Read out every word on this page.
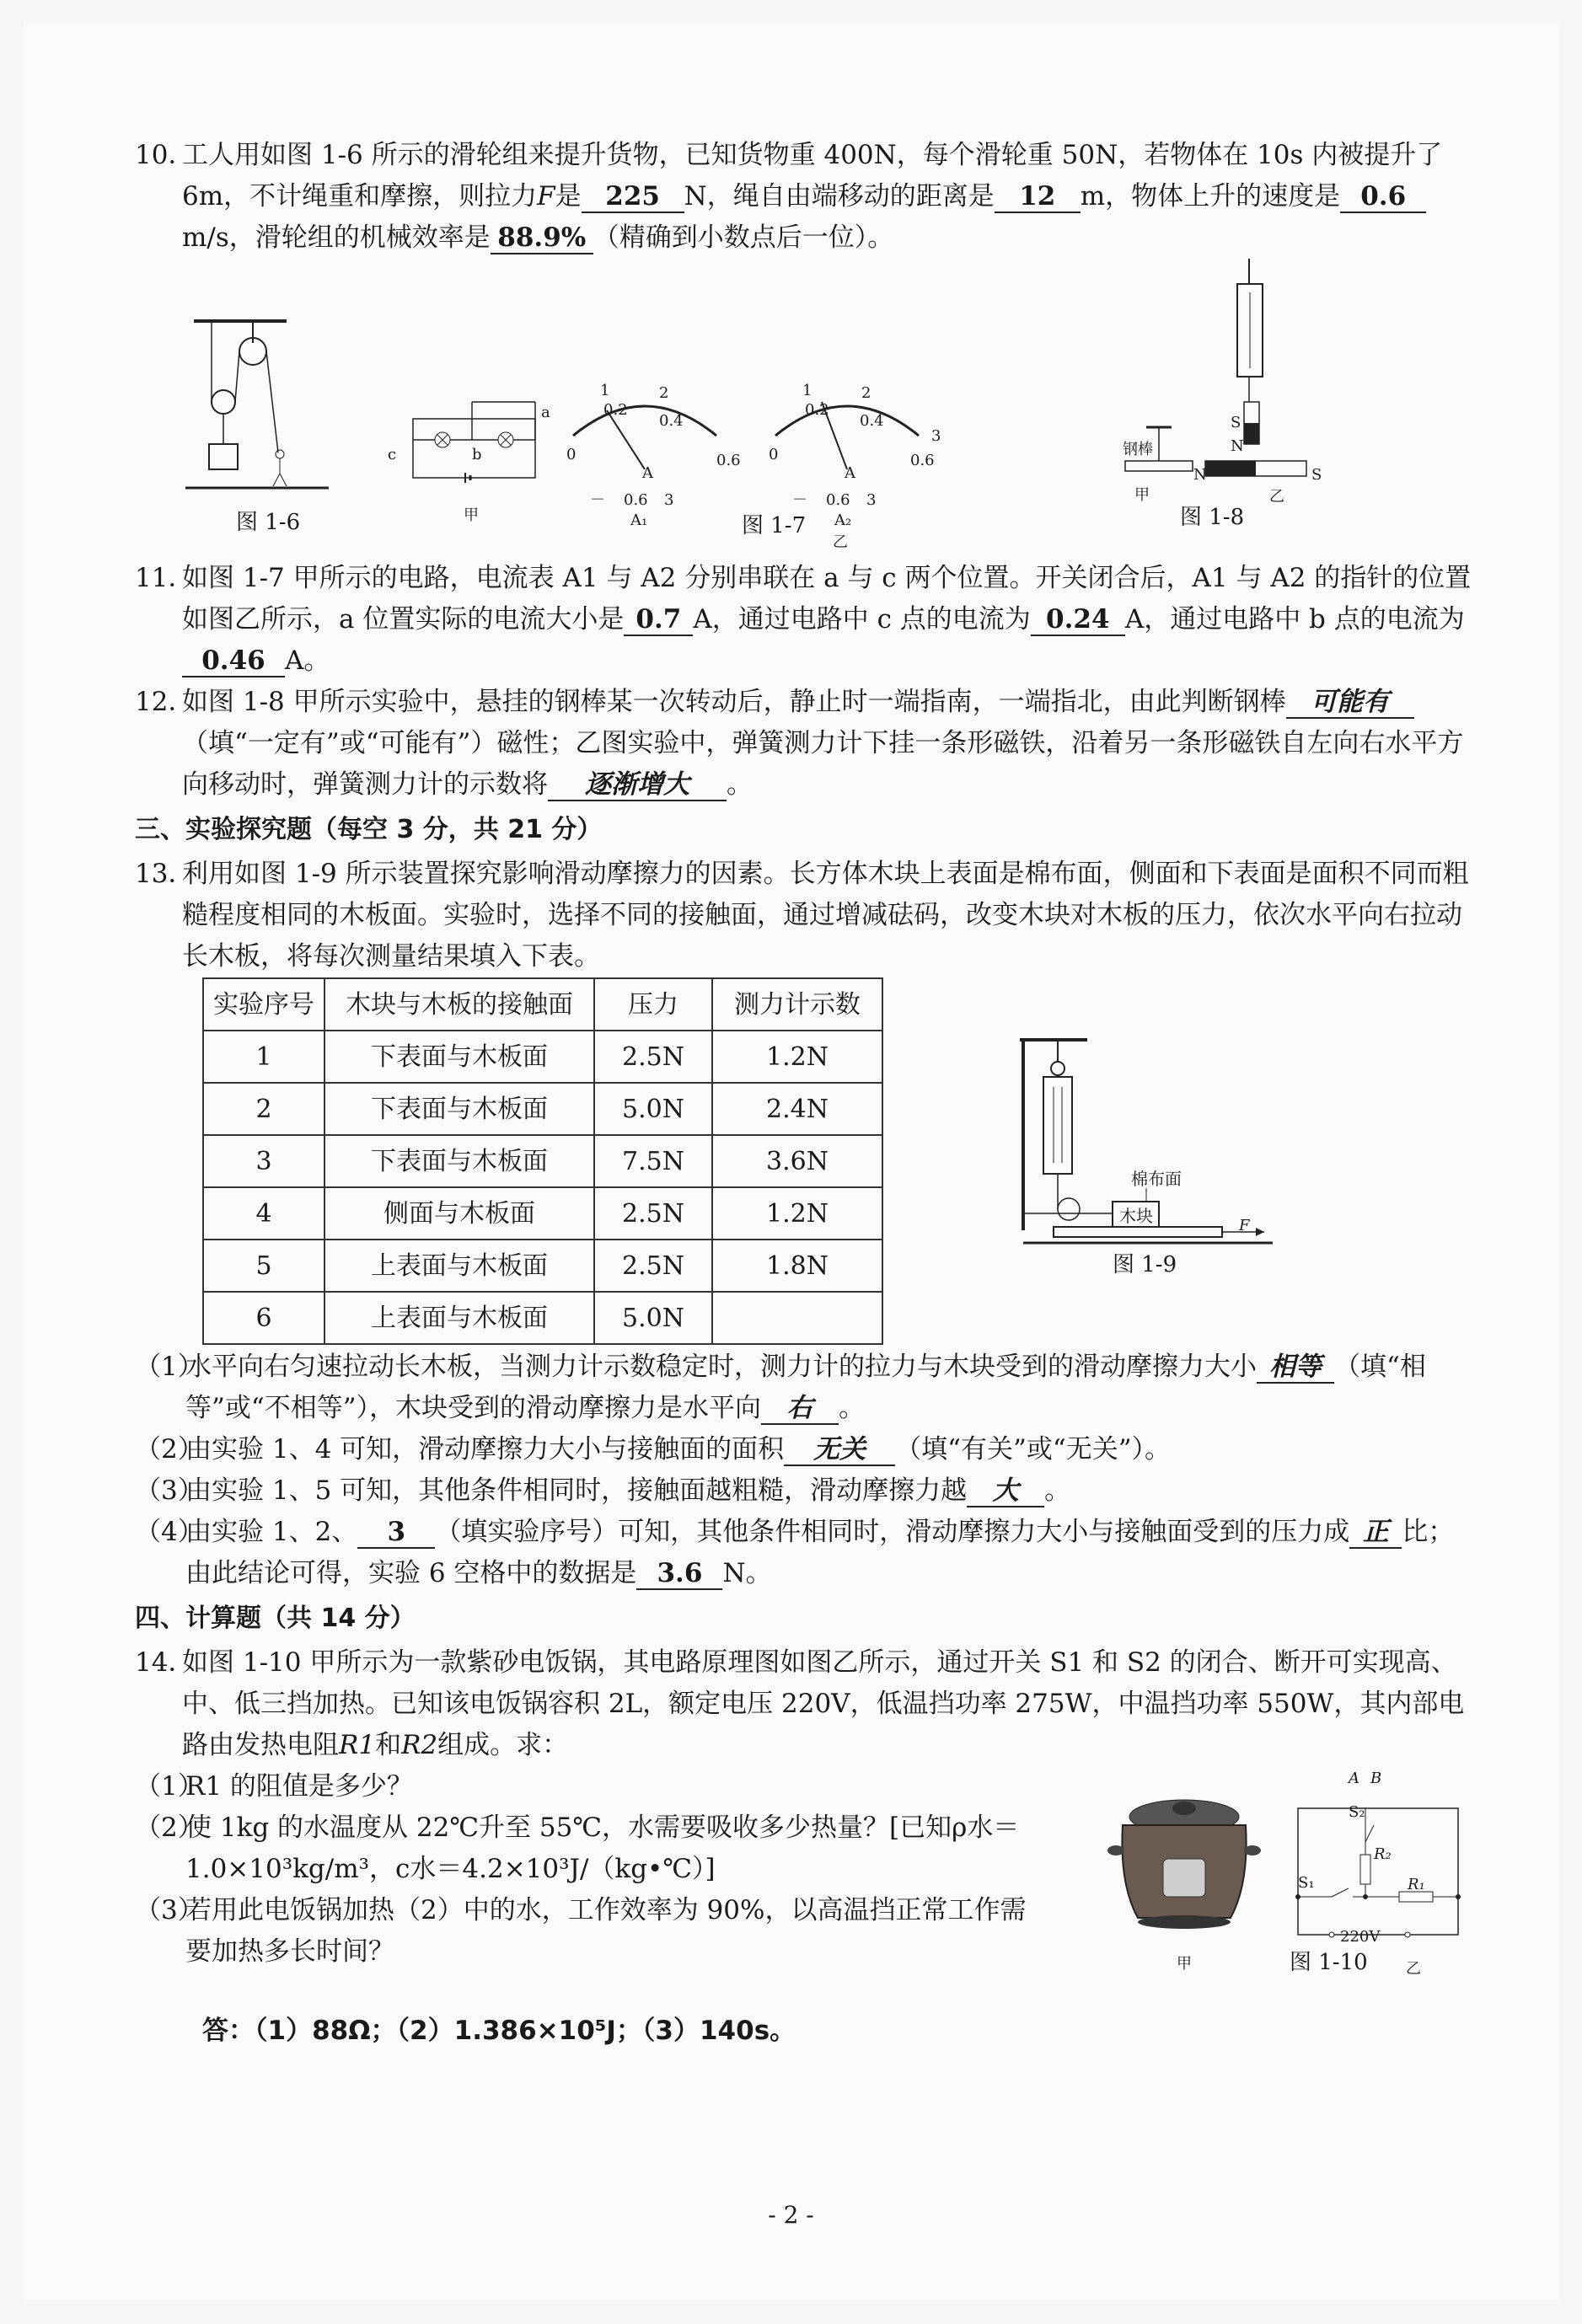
10．
工人用如图 1-6 所示的滑轮组来提升货物，已知货物重 400N，每个滑轮重 50N，若物体在 10s 内被提升了 6m，不计绳重和摩擦，则拉力F是 225 N，绳自由端移动的距离是 12 m，物体上升的速度是 0.6m/s，滑轮组的机械效率是 88.9% （精确到小数点后一位）。
图 1-6
a
b
c
甲
0
0.2
1
0.4
2
0.6
A
－ 0.6 3
A₁
0
0.2
1
0.4
2
0.6
3
A
－ 0.6 3
A₂
图 1-7
乙
钢棒
甲
S
N
N	S
乙
图 1-8
11．
如图 1-7 甲所示的电路，电流表 A1 与 A2 分别串联在 a 与 c 两个位置。开关闭合后，A1 与 A2 的指针的位置如图乙所示，a 位置实际的电流大小是 0.7 A，通过电路中 c 点的电流为 0.24 A，通过电路中 b 点的电流为0.46 A。
12．
如图 1-8 甲所示实验中，悬挂的钢棒某一次转动后，静止时一端指南，一端指北，由此判断钢棒 可能有（填“一定有”或“可能有”）磁性；乙图实验中，弹簧测力计下挂一条形磁铁，沿着另一条形磁铁自左向右水平方向移动时，弹簧测力计的示数将 逐渐增大 。
三、实验探究题（每空 3 分，共 21 分）
13．
利用如图 1-9 所示装置探究影响滑动摩擦力的因素。长方体木块上表面是棉布面，侧面和下表面是面积不同而粗糙程度相同的木板面。实验时，选择不同的接触面，通过增减砝码，改变木块对木板的压力，依次水平向右拉动长木板，将每次测量结果填入下表。
实验序号	木块与木板的接触面	压力	测力计示数
1	下表面与木板面	2.5N	1.2N
2	下表面与木板面	5.0N	2.4N
3	下表面与木板面	7.5N	3.6N
4	侧面与木板面	2.5N	1.2N
5	上表面与木板面	2.5N	1.8N
6	上表面与木板面	5.0N	
棉布面
木块	F
图 1-9
（1）
水平向右匀速拉动长木板，当测力计示数稳定时，测力计的拉力与木块受到的滑动摩擦力大小 相等 （填“相等”或“不相等”），木块受到的滑动摩擦力是水平向 右 。
（2）
由实验 1、4 可知，滑动摩擦力大小与接触面的面积 无关 （填“有关”或“无关”）。
（3）
由实验 1、5 可知，其他条件相同时，接触面越粗糙，滑动摩擦力越 大 。
（4）
由实验 1、2、 3 （填实验序号）可知，其他条件相同时，滑动摩擦力大小与接触面受到的压力成 正 比；由此结论可得，实验 6 空格中的数据是 3.6 N。
四、计算题（共 14 分）
14．
如图 1-10 甲所示为一款紫砂电饭锅，其电路原理图如图乙所示，通过开关 S1 和 S2 的闭合、断开可实现高、中、低三挡加热。已知该电饭锅容积 2L，额定电压 220V，低温挡功率 275W，中温挡功率 550W，其内部电路由发热电阻R1和R2组成。求：
（1）
R1 的阻值是多少？
（2）
使 1kg 的水温度从 22℃升至 55℃，水需要吸收多少热量？[已知ρ水＝1.0×10³kg/m³，c水＝4.2×10³J/（kg•℃）]
（3）
若用此电饭锅加热（2）中的水，工作效率为 90%，以高温挡正常工作需要加热多长时间？	甲
A B
S₂
R₂
S₁	R₁
220V
图 1-10	乙
答：（1）88Ω；（2）1.386×10⁵J；（3）140s。
- 2 -
